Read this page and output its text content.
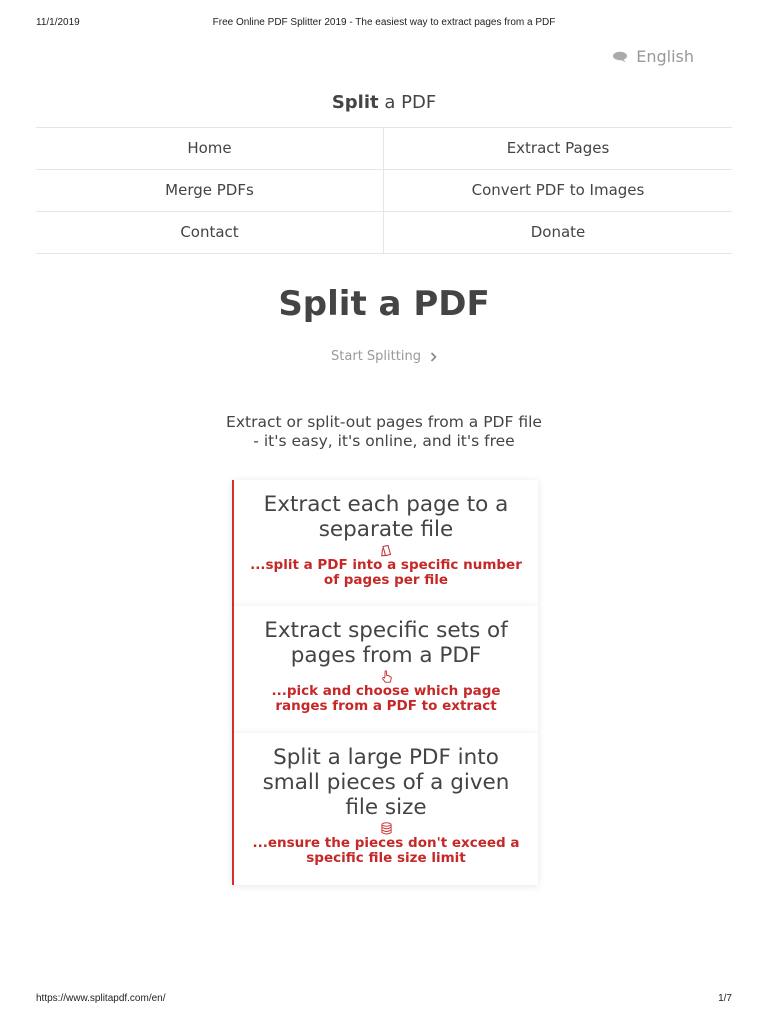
11/1/2019	Free Online PDF Splitter 2019 - The easiest way to extract pages from a PDF
English
Split a PDF
Home	Extract Pages
Merge PDFs	Convert PDF to Images
Contact	Donate
Split a PDF
Start Splitting

Extract or split-out pages from a PDF file - it's easy, it's online, and it's free

Extract each page to a separate file
...split a PDF into a specific number of pages per file
Extract specific sets of pages from a PDF
...pick and choose which page ranges from a PDF to extract
Split a large PDF into small pieces of a given file size
...ensure the pieces don't exceed a specific file size limit
https://www.splitapdf.com/en/	1/7
